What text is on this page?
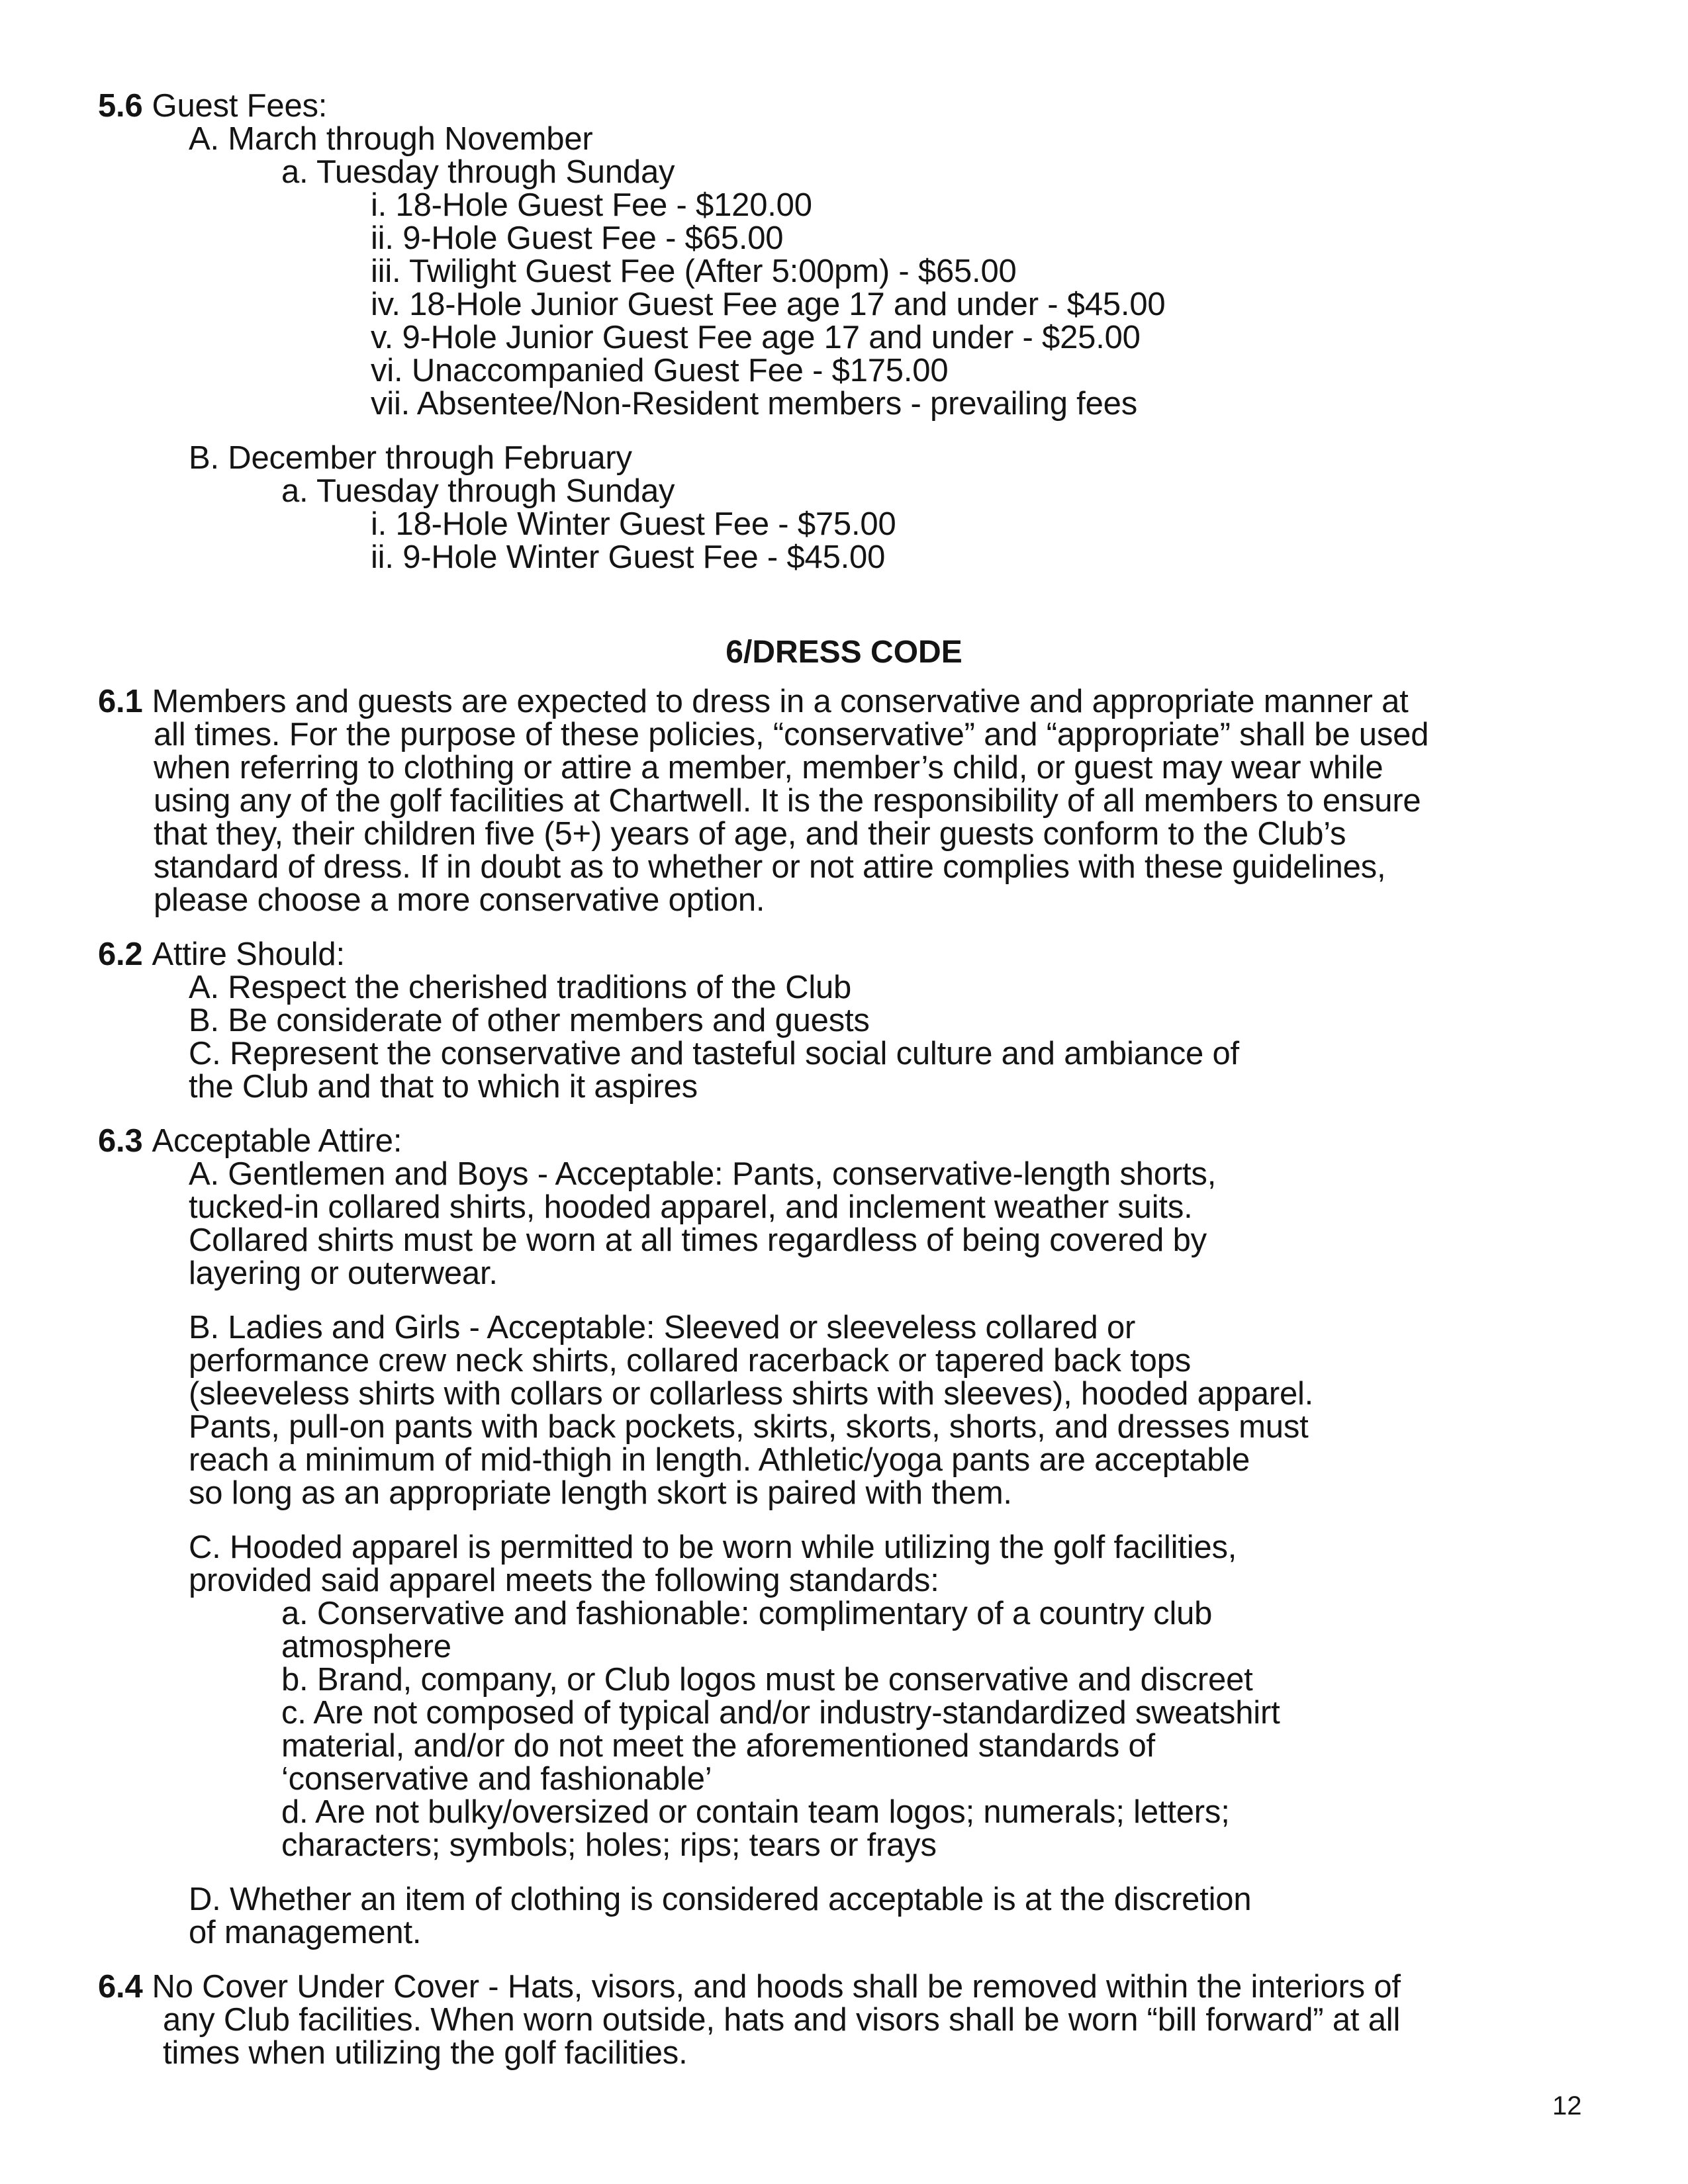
5.6 Guest Fees:
A. March through November
a. Tuesday through Sunday
i. 18-Hole Guest Fee - $120.00
ii. 9-Hole Guest Fee - $65.00
iii. Twilight Guest Fee (After 5:00pm) - $65.00
iv. 18-Hole Junior Guest Fee age 17 and under - $45.00
v. 9-Hole Junior Guest Fee age 17 and under - $25.00
vi. Unaccompanied Guest Fee - $175.00
vii. Absentee/Non-Resident members - prevailing fees
B. December through February
a. Tuesday through Sunday
i. 18-Hole Winter Guest Fee - $75.00
ii. 9-Hole Winter Guest Fee - $45.00
6/DRESS CODE
6.1 Members and guests are expected to dress in a conservative and appropriate manner at
all times. For the purpose of these policies, “conservative” and “appropriate” shall be used
when referring to clothing or attire a member, member’s child, or guest may wear while
using any of the golf facilities at Chartwell. It is the responsibility of all members to ensure
that they, their children five (5+) years of age, and their guests conform to the Club’s
standard of dress. If in doubt as to whether or not attire complies with these guidelines,
please choose a more conservative option.
6.2 Attire Should:
A. Respect the cherished traditions of the Club
B. Be considerate of other members and guests
C. Represent the conservative and tasteful social culture and ambiance of
the Club and that to which it aspires
6.3 Acceptable Attire:
A. Gentlemen and Boys - Acceptable: Pants, conservative-length shorts,
tucked-in collared shirts, hooded apparel, and inclement weather suits.
Collared shirts must be worn at all times regardless of being covered by
layering or outerwear.
B. Ladies and Girls - Acceptable: Sleeved or sleeveless collared or
performance crew neck shirts, collared racerback or tapered back tops
(sleeveless shirts with collars or collarless shirts with sleeves), hooded apparel.
Pants, pull-on pants with back pockets, skirts, skorts, shorts, and dresses must
reach a minimum of mid-thigh in length. Athletic/yoga pants are acceptable
so long as an appropriate length skort is paired with them.
C. Hooded apparel is permitted to be worn while utilizing the golf facilities,
provided said apparel meets the following standards:
a. Conservative and fashionable: complimentary of a country club
atmosphere
b. Brand, company, or Club logos must be conservative and discreet
c. Are not composed of typical and/or industry-standardized sweatshirt
material, and/or do not meet the aforementioned standards of
‘conservative and fashionable’
d. Are not bulky/oversized or contain team logos; numerals; letters;
characters; symbols; holes; rips; tears or frays
D. Whether an item of clothing is considered acceptable is at the discretion
of management.
6.4 No Cover Under Cover - Hats, visors, and hoods shall be removed within the interiors of
any Club facilities. When worn outside, hats and visors shall be worn “bill forward” at all
times when utilizing the golf facilities.
12
